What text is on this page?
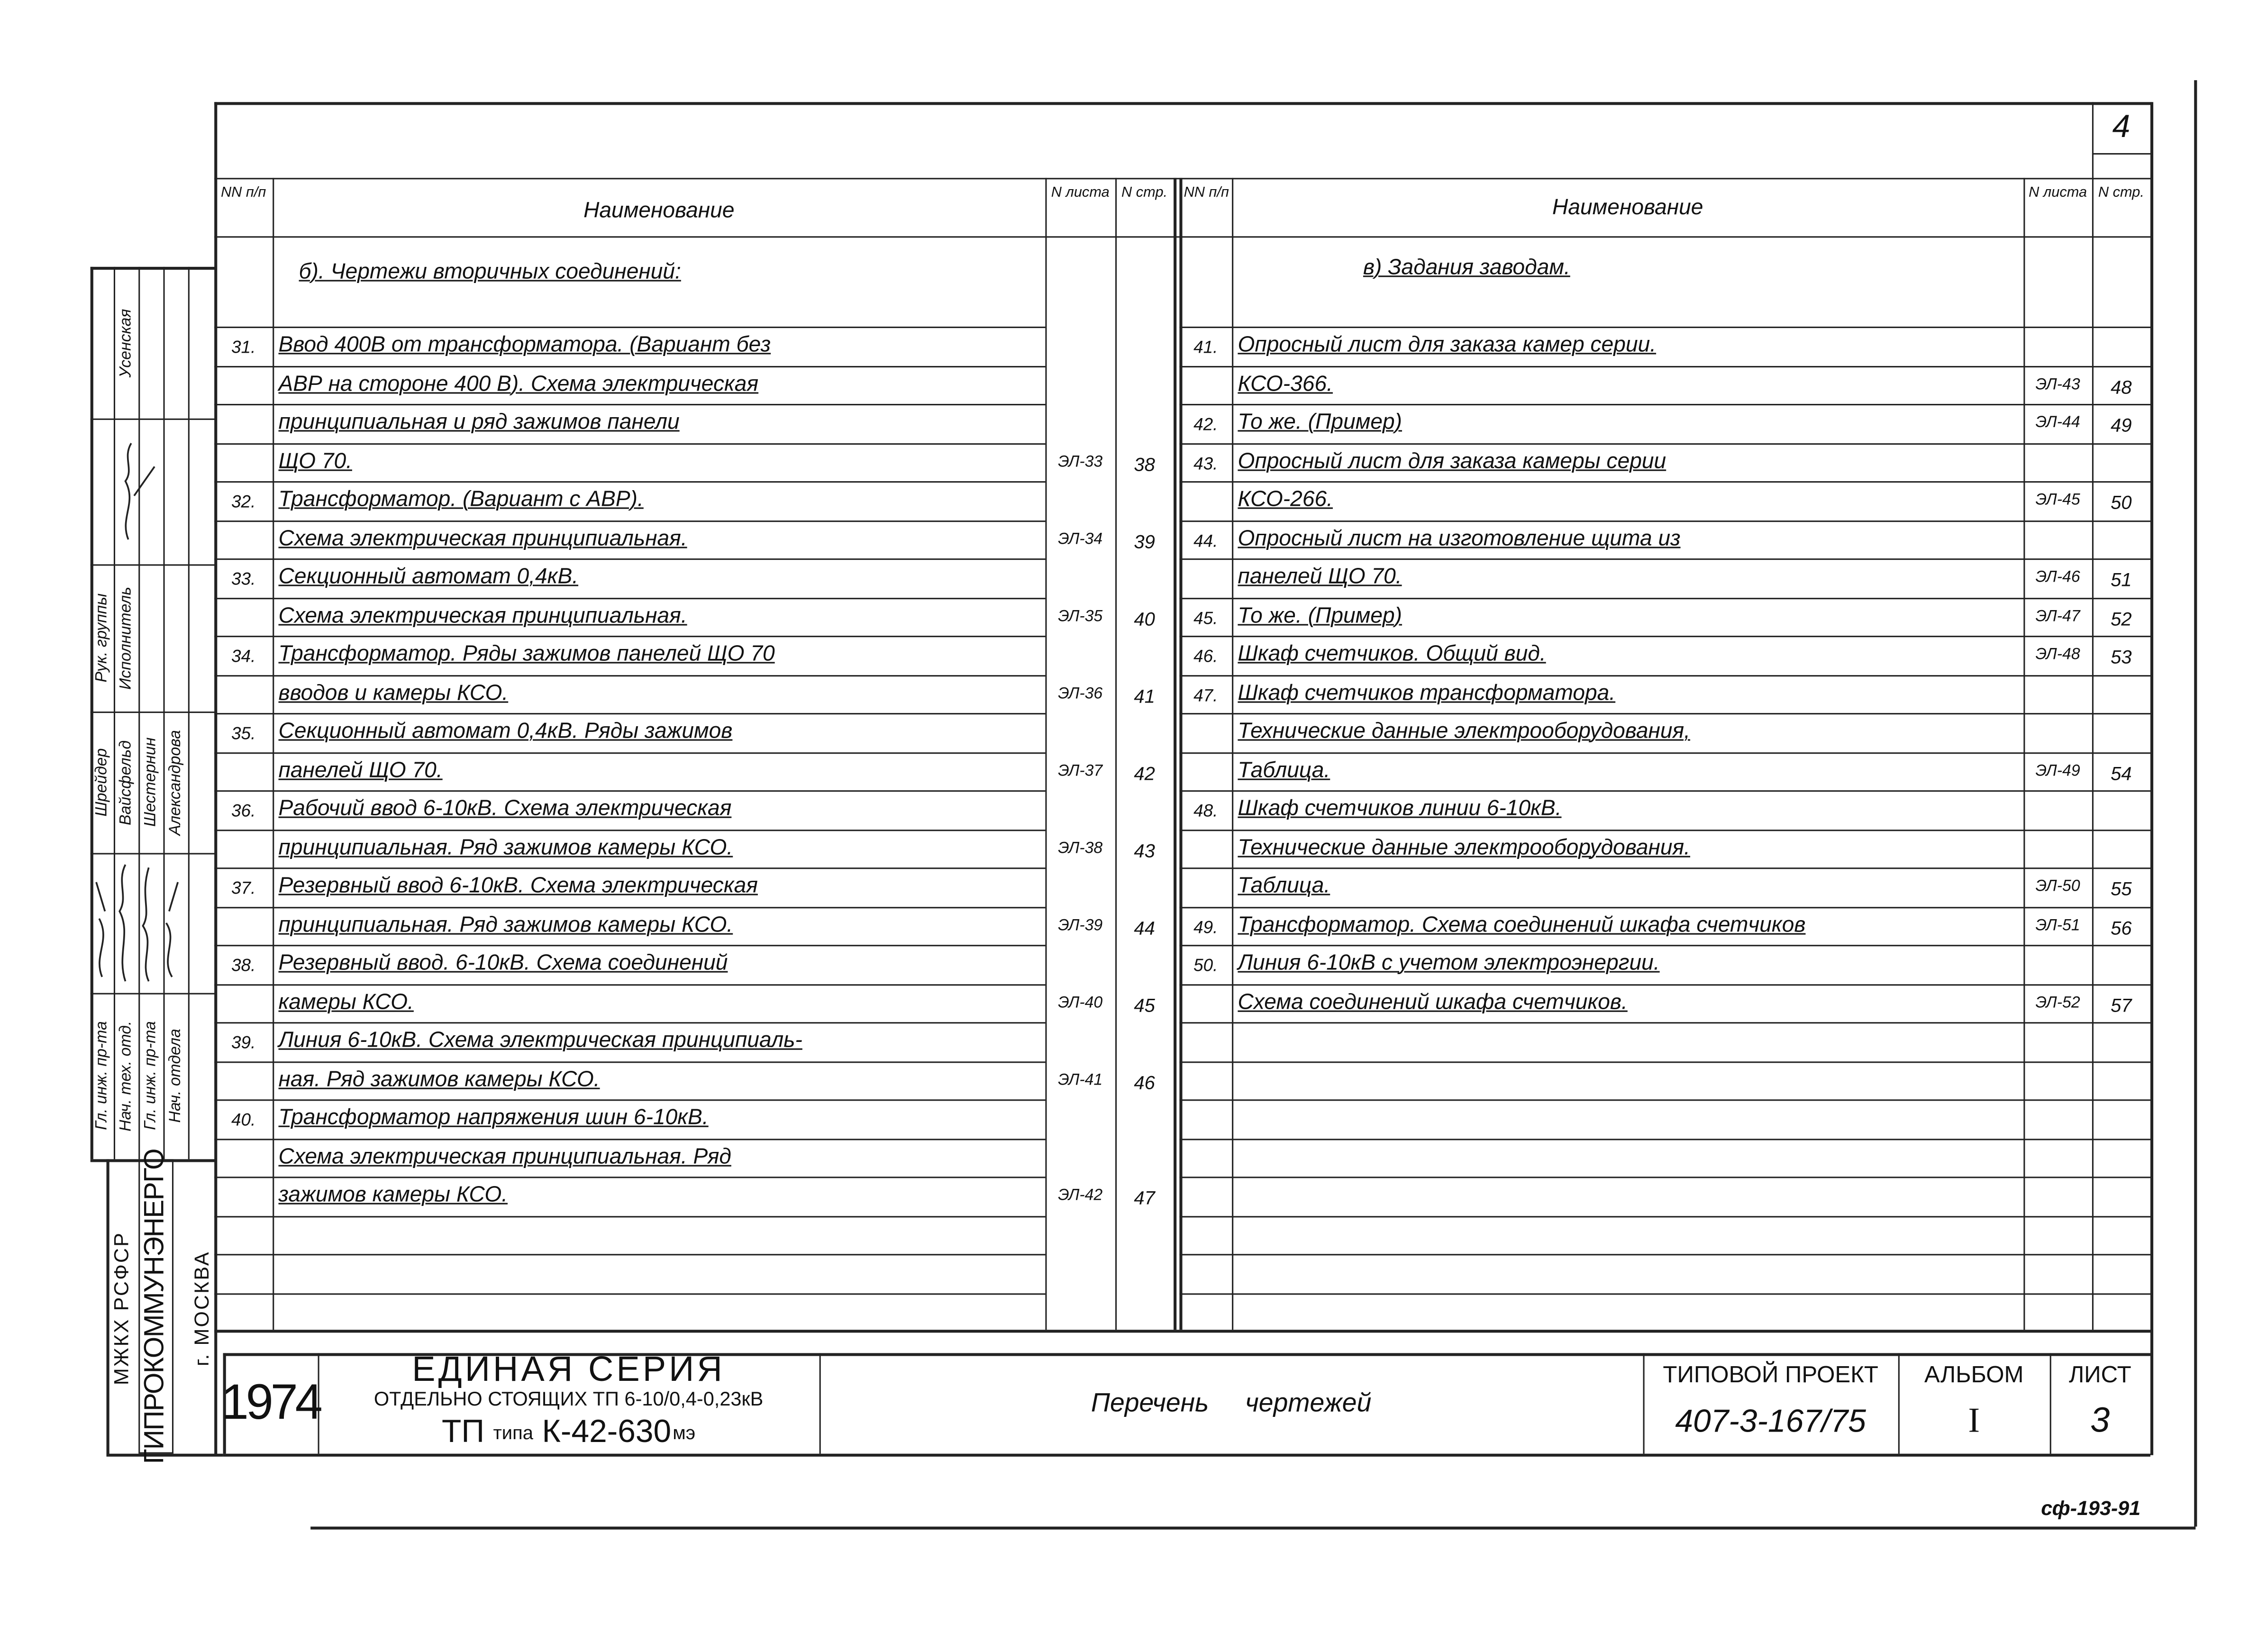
4
NN п/п
Наименование
N листа	N стр.	NN п/п
Наименование
N листа	N стр.
б). Чертежи вторичных соединений:	в) Задания заводам.
31.	Ввод 400В от трансформатора. (Вариант без
АВР на стороне 400 В). Схема электрическая
принципиальная и ряд зажимов панели
ЩО 70.	ЭЛ-33	38
32.	Трансформатор. (Вариант с АВР).
Схема электрическая принципиальная.	ЭЛ-34	39
33.	Секционный автомат 0,4кВ.
Схема электрическая принципиальная.	ЭЛ-35	40
34.	Трансформатор. Ряды зажимов панелей ЩО 70
вводов и камеры КСО.	ЭЛ-36	41
35.	Секционный автомат 0,4кВ. Ряды зажимов
панелей ЩО 70.	ЭЛ-37	42
36.	Рабочий ввод 6-10кВ. Схема электрическая
принципиальная. Ряд зажимов камеры КСО.	ЭЛ-38	43
37.	Резервный ввод 6-10кВ. Схема электрическая
принципиальная. Ряд зажимов камеры КСО.	ЭЛ-39	44
38.	Резервный ввод. 6-10кВ. Схема соединений
камеры КСО.	ЭЛ-40	45
39.	Линия 6-10кВ. Схема электрическая принципиаль-
ная. Ряд зажимов камеры КСО.	ЭЛ-41	46
40.	Трансформатор напряжения шин 6-10кВ.
Схема электрическая принципиальная. Ряд
зажимов камеры КСО.	ЭЛ-42	47
41.	Опросный лист для заказа камер серии.
КСО-366.	ЭЛ-43	48
42.	То же. (Пример)	ЭЛ-44	49
43.	Опросный лист для заказа камеры серии
КСО-266.	ЭЛ-45	50
44.	Опросный лист на изготовление щита из
панелей ЩО 70.	ЭЛ-46	51
45.	То же. (Пример)	ЭЛ-47	52
46.	Шкаф счетчиков. Общий вид.	ЭЛ-48	53
47.	Шкаф счетчиков трансформатора.
Технические данные электрооборудования,
Таблица.	ЭЛ-49	54
48.	Шкаф счетчиков линии 6-10кВ.
Технические данные электрооборудования.
Таблица.	ЭЛ-50	55
49.	Трансформатор. Схема соединений шкафа счетчиков	ЭЛ-51	56
50.	Линия 6-10кВ с учетом электроэнергии.
Схема соединений шкафа счетчиков.	ЭЛ-52	57
Гл. инж. пр-та	Нач. тех. отд.	Гл. инж. пр-та	Нач. отдела
Шрейдер	Вайсфельд	Шестернин	Александрова
Рук. группы	Исполнитель
Усенская
МЖКХ РСФСР ГИПРОКОММУНЭНЕРГО	г. МОСКВА
1974
ЕДИНАЯ СЕРИЯ
ОТДЕЛЬНО СТОЯЩИХ ТП 6-10/0,4-0,23кВ
ТП типа К-42-630 мэ
Перечень чертежей
ТИПОВОЙ ПРОЕКТ
407-3-167/75
АЛЬБОМ
I
ЛИСТ
3
сф-193-91
